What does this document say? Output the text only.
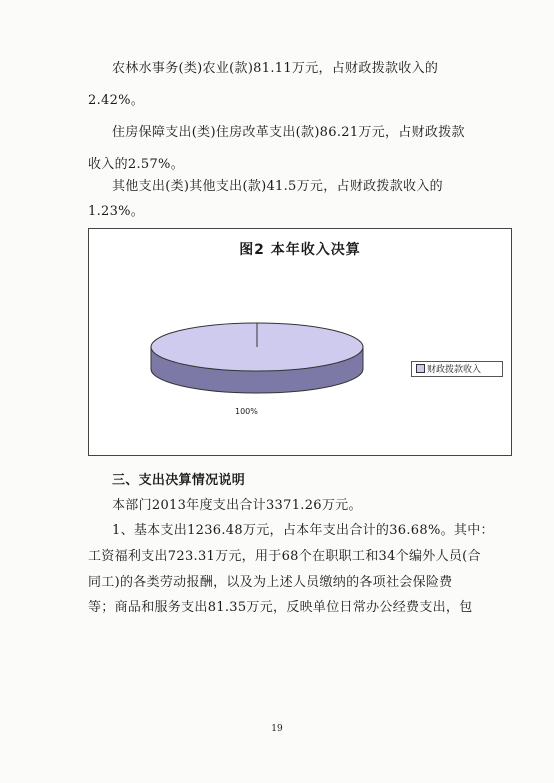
农林水事务(类)农业(款)81.11万元，占财政拨款收入的
2.42%。
住房保障支出(类)住房改革支出(款)86.21万元，占财政拨款
收入的2.57%。
其他支出(类)其他支出(款)41.5万元，占财政拨款收入的
1.23%。
图2 本年收入决算
100%
财政拨款收入
三、支出决算情况说明
本部门2013年度支出合计3371.26万元。
1、基本支出1236.48万元，占本年支出合计的36.68%。其中：
工资福利支出723.31万元，用于68个在职职工和34个编外人员(合
同工)的各类劳动报酬，以及为上述人员缴纳的各项社会保险费
等；商品和服务支出81.35万元，反映单位日常办公经费支出，包
19
